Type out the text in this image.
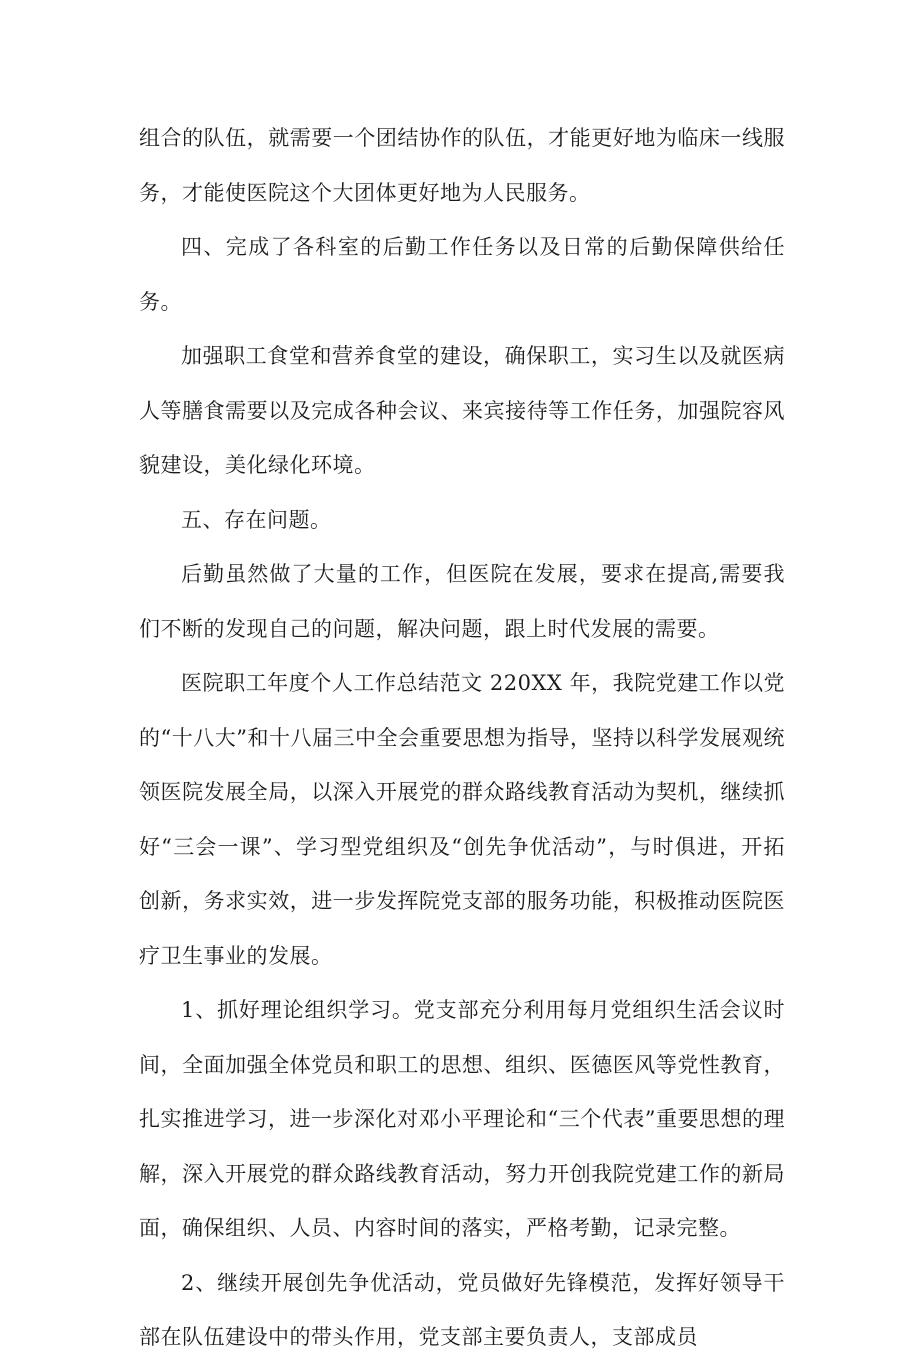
组合的队伍，就需要一个团结协作的队伍，才能更好地为临床一线服务，才能使医院这个大团体更好地为人民服务。

四、完成了各科室的后勤工作任务以及日常的后勤保障供给任务。

加强职工食堂和营养食堂的建设，确保职工，实习生以及就医病人等膳食需要以及完成各种会议、来宾接待等工作任务，加强院容风貌建设，美化绿化环境。

五、存在问题。

后勤虽然做了大量的工作，但医院在发展，要求在提高,需要我们不断的发现自己的问题，解决问题，跟上时代发展的需要。

医院职工年度个人工作总结范文 220XX 年，我院党建工作以党的“十八大”和十八届三中全会重要思想为指导，坚持以科学发展观统领医院发展全局，以深入开展党的群众路线教育活动为契机，继续抓好“三会一课”、学习型党组织及“创先争优活动”，与时俱进，开拓创新，务求实效，进一步发挥院党支部的服务功能，积极推动医院医疗卫生事业的发展。

1、抓好理论组织学习。党支部充分利用每月党组织生活会议时间，全面加强全体党员和职工的思想、组织、医德医风等党性教育，扎实推进学习，进一步深化对邓小平理论和“三个代表”重要思想的理解，深入开展党的群众路线教育活动，努力开创我院党建工作的新局面，确保组织、人员、内容时间的落实，严格考勤，记录完整。

2、继续开展创先争优活动，党员做好先锋模范，发挥好领导干部在队伍建设中的带头作用，党支部主要负责人，支部成员
